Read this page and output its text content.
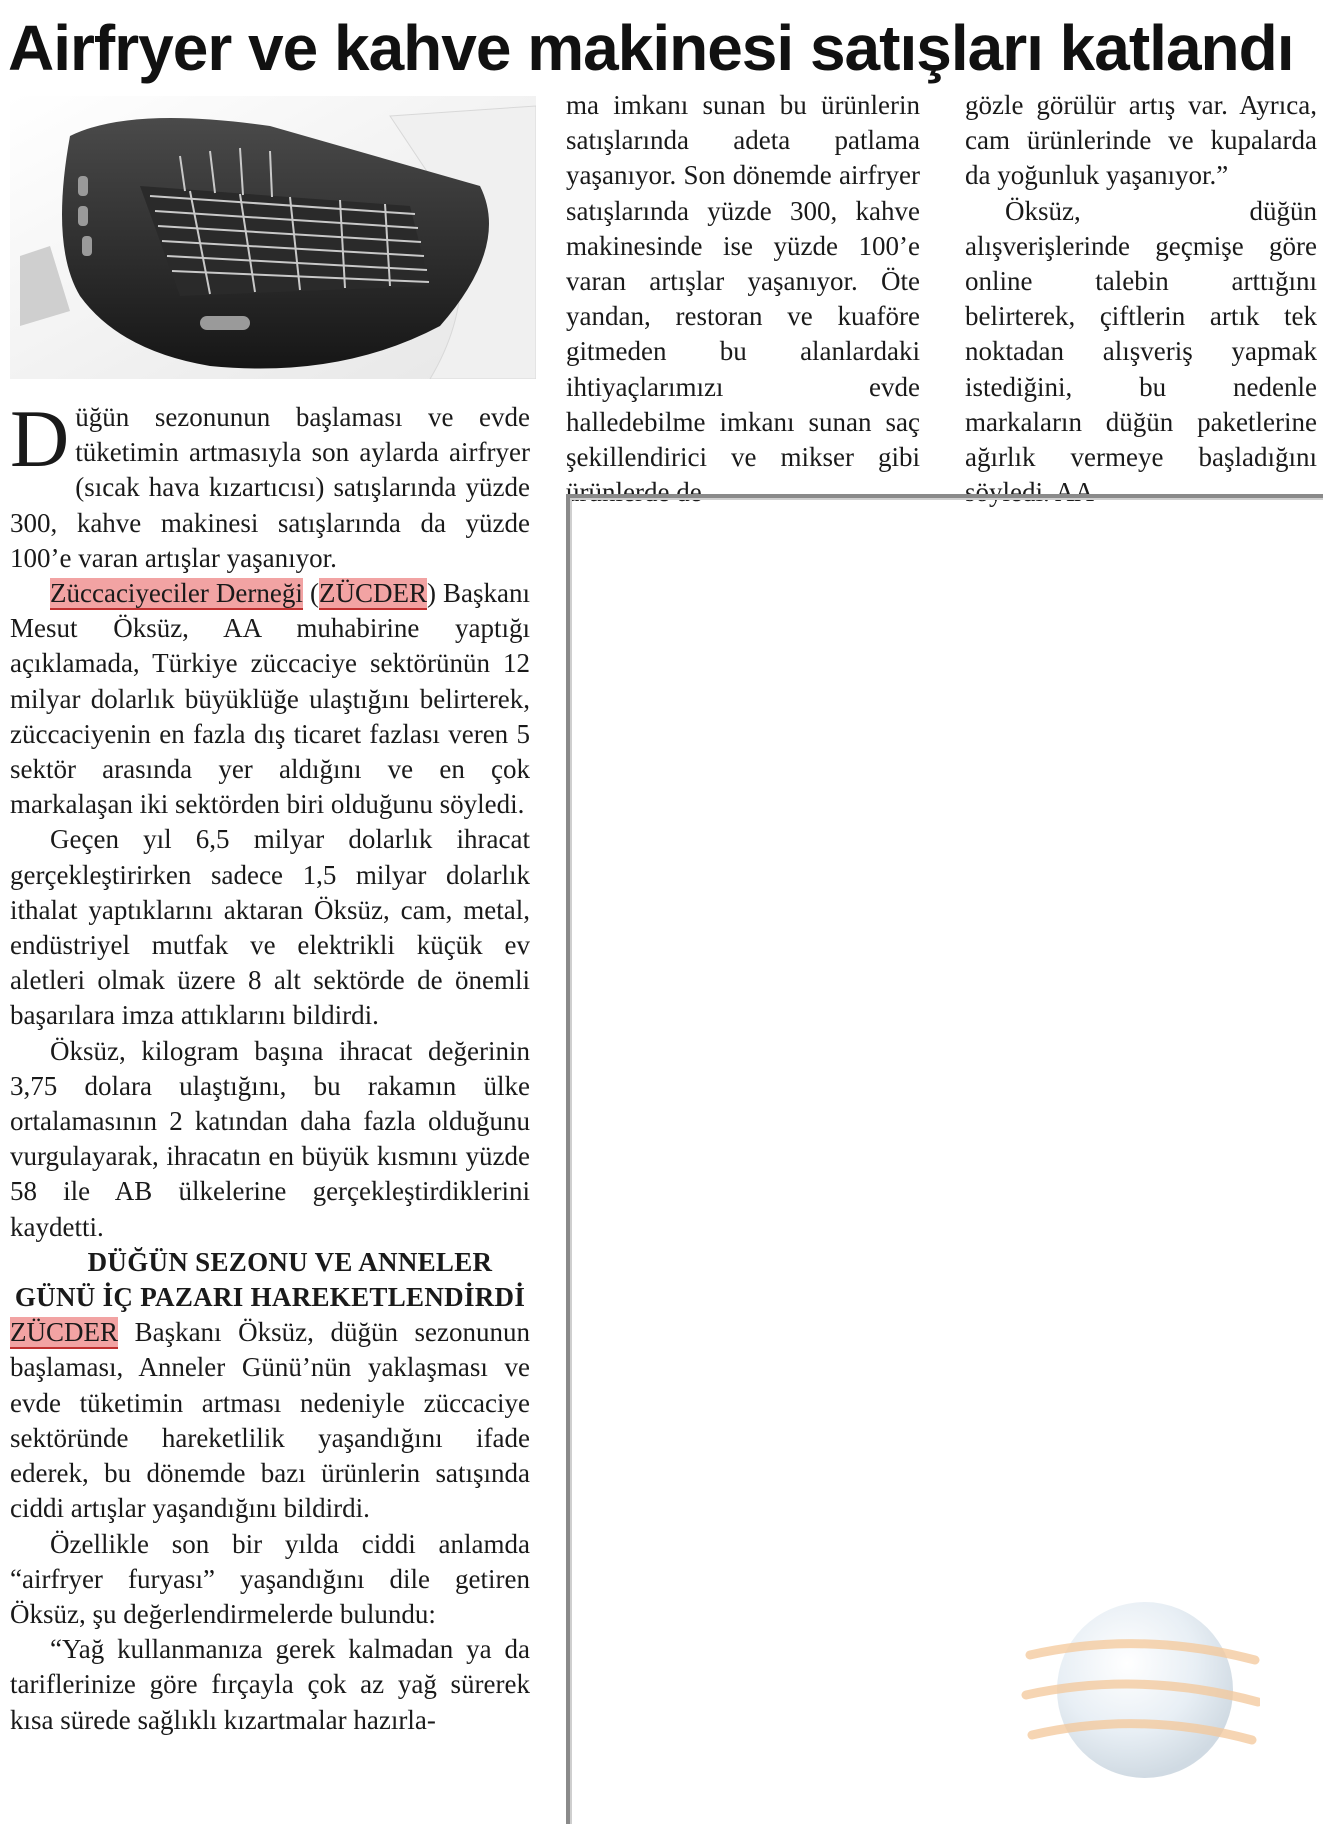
Airfryer ve kahve makinesi satışları katlandı

Düğün sezonunun başlaması ve evde tüketimin artmasıyla son aylarda airfryer (sıcak hava kızartıcısı) satışlarında yüzde 300, kahve makinesi satışlarında da yüzde 100’e varan artışlar yaşanıyor.

Züccaciyeciler Derneği (ZÜCDER) Başkanı Mesut Öksüz, AA muhabirine yaptığı açıklamada, Türkiye züccaciye sektörünün 12 milyar dolarlık büyüklüğe ulaştığını belirterek, züccaciyenin en fazla dış ticaret fazlası veren 5 sektör arasında yer aldığını ve en çok markalaşan iki sektörden biri olduğunu söyledi.

Geçen yıl 6,5 milyar dolarlık ihracat gerçekleştirirken sadece 1,5 milyar dolarlık ithalat yaptıklarını aktaran Öksüz, cam, metal, endüstriyel mutfak ve elektrikli küçük ev aletleri olmak üzere 8 alt sektörde de önemli başarılara imza attıklarını bildirdi.

Öksüz, kilogram başına ihracat değerinin 3,75 dolara ulaştığını, bu rakamın ülke ortalamasının 2 katından daha fazla olduğunu vurgulayarak, ihracatın en büyük kısmını yüzde 58 ile AB ülkelerine gerçekleştirdiklerini kaydetti.

DÜĞÜN SEZONU VE ANNELER GÜNÜ İÇ PAZARI HAREKETLENDİRDİ

ZÜCDER Başkanı Öksüz, düğün sezonunun başlaması, Anneler Günü’nün yaklaşması ve evde tüketimin artması nedeniyle züccaciye sektöründe hareketlilik yaşandığını ifade ederek, bu dönemde bazı ürünlerin satışında ciddi artışlar yaşandığını bildirdi.

Özellikle son bir yılda ciddi anlamda “airfryer furyası” yaşandığını dile getiren Öksüz, şu değerlendirmelerde bulundu:

“Yağ kullanmanıza gerek kalmadan ya da tariflerinize göre fırçayla çok az yağ sürerek kısa sürede sağlıklı kızartmalar hazırla-

ma imkanı sunan bu ürünlerin satışlarında adeta patlama yaşanıyor. Son dönemde airfryer satışlarında yüzde 300, kahve makinesinde ise yüzde 100’e varan artışlar yaşanıyor. Öte yandan, restoran ve kuaföre gitmeden bu alanlardaki ihtiyaçlarımızı evde halledebilme imkanı sunan saç şekillendirici ve mikser gibi ürünlerde de

gözle görülür artış var. Ayrıca, cam ürünlerinde ve kupalarda da yoğunluk yaşanıyor.”

Öksüz, düğün alışverişlerinde geçmişe göre online talebin arttığını belirterek, çiftlerin artık tek noktadan alışveriş yapmak istediğini, bu nedenle markaların düğün paketlerine ağırlık vermeye başladığını söyledi. AA
